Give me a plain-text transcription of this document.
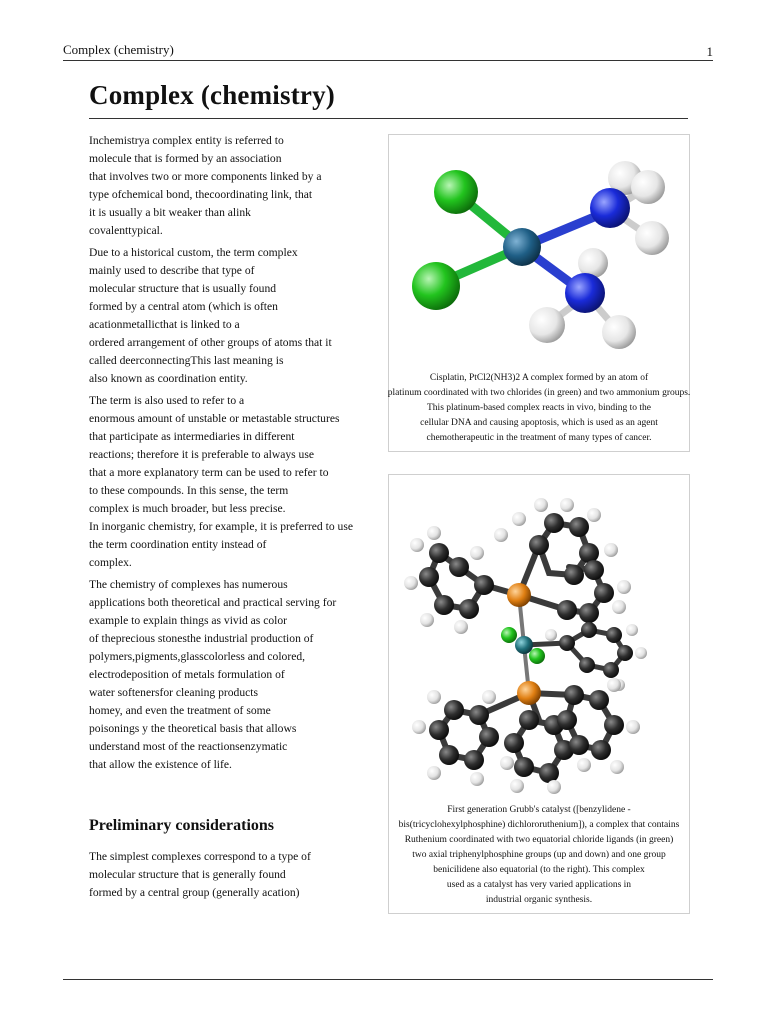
Complex (chemistry)	1
Complex (chemistry)
Inchemistrya complex entity is referred to
molecule that is formed by an association
that involves two or more components linked by a
type ofchemical bond, thecoordinating link, that
it is usually a bit weaker than alink
covalenttypical.
Due to a historical custom, the term complex
mainly used to describe that type of
molecular structure that is usually found
formed by a central atom (which is often
acationmetallicthat is linked to a
ordered arrangement of other groups of atoms that it
called deerconnectingThis last meaning is
also known as coordination entity.
The term is also used to refer to a
enormous amount of unstable or metastable structures
that participate as intermediaries in different
reactions; therefore it is preferable to always use
that a more explanatory term can be used to refer to
to these compounds. In this sense, the term
complex is much broader, but less precise.
In inorganic chemistry, for example, it is preferred to use
the term coordination entity instead of
complex.
The chemistry of complexes has numerous
applications both theoretical and practical serving for
example to explain things as vivid as color
of theprecious stonesthe industrial production of
polymers,pigments,glasscolorless and colored,
electrodeposition of metals formulation of
water softenersfor cleaning products
homey, and even the treatment of some
poisonings y the theoretical basis that allows
understand most of the reactionsenzymatic
that allow the existence of life.
Preliminary considerations
The simplest complexes correspond to a type of
molecular structure that is generally found
formed by a central group (generally acation)
Cisplatin, PtCl2(NH3)2 A complex formed by an atom of
platinum coordinated with two chlorides (in green) and two ammonium groups.
This platinum-based complex reacts in vivo, binding to the
cellular DNA and causing apoptosis, which is used as an agent
chemotherapeutic in the treatment of many types of cancer.
First generation Grubb's catalyst ([benzylidene -
bis(tricyclohexylphosphine) dichlororuthenium]), a complex that contains
Ruthenium coordinated with two equatorial chloride ligands (in green)
two axial triphenylphosphine groups (up and down) and one group
benicilidene also equatorial (to the right). This complex
used as a catalyst has very varied applications in
industrial organic synthesis.
